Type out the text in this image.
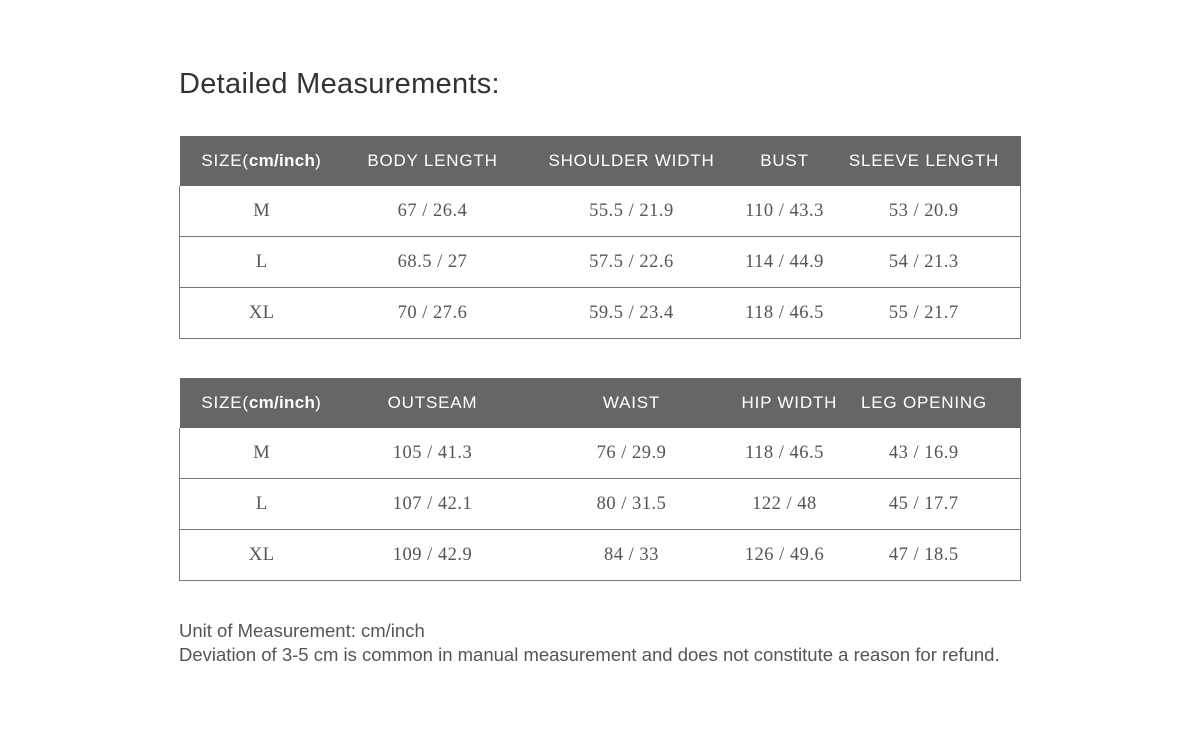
Detailed Measurements:
SIZE(cm/inch)	BODY LENGTH	SHOULDER WIDTH	BUST	SLEEVE LENGTH
M	67 / 26.4	55.5 / 21.9	110 / 43.3	53 / 20.9
L	68.5 / 27	57.5 / 22.6	114 / 44.9	54 / 21.3
XL	70 / 27.6	59.5 / 23.4	118 / 46.5	55 / 21.7
SIZE(cm/inch)	OUTSEAM	WAIST	HIP WIDTH	LEG OPENING
M	105 / 41.3	76 / 29.9	118 / 46.5	43 / 16.9
L	107 / 42.1	80 / 31.5	122 / 48	45 / 17.7
XL	109 / 42.9	84 / 33	126 / 49.6	47 / 18.5

Unit of Measurement: cm/inch

Deviation of 3-5 cm is common in manual measurement and does not constitute a reason for refund.
